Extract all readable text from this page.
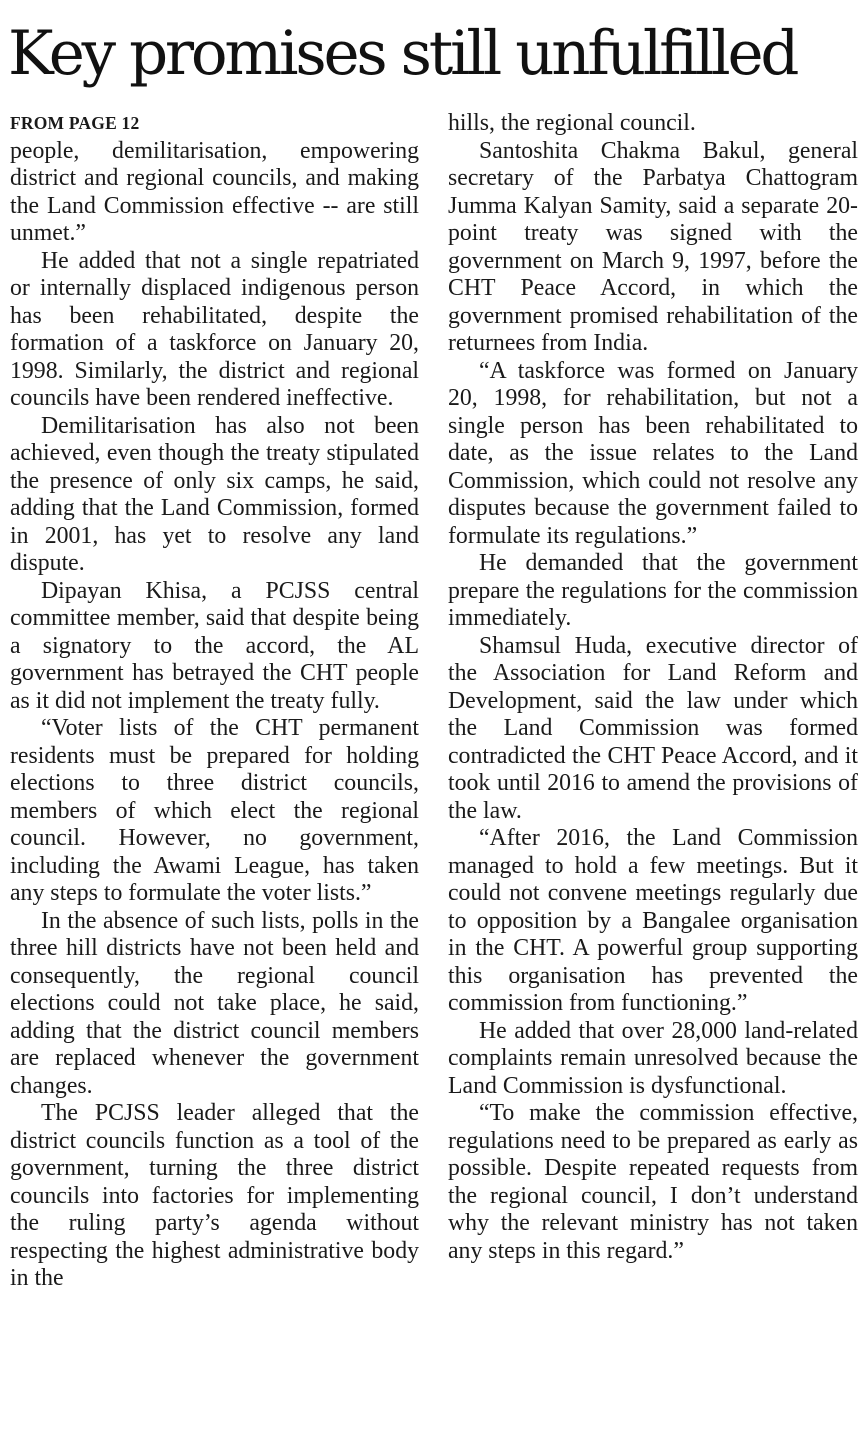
Key promises still unfulfilled
FROM PAGE 12

people, demilitarisation, empowering district and regional councils, and making the Land Commission effective -- are still unmet.”

He added that not a single repatriated or internally displaced indigenous person has been rehabilitated, despite the formation of a taskforce on January 20, 1998. Similarly, the district and regional councils have been rendered ineffective.

Demilitarisation has also not been achieved, even though the treaty stipulated the presence of only six camps, he said, adding that the Land Commission, formed in 2001, has yet to resolve any land dispute.

Dipayan Khisa, a PCJSS central committee member, said that despite being a signatory to the accord, the AL government has betrayed the CHT people as it did not implement the treaty fully.

“Voter lists of the CHT permanent residents must be prepared for holding elections to three district councils, members of which elect the regional council. However, no government, including the Awami League, has taken any steps to formulate the voter lists.”

In the absence of such lists, polls in the three hill districts have not been held and consequently, the regional council elections could not take place, he said, adding that the district council members are replaced whenever the government changes.

The PCJSS leader alleged that the district councils function as a tool of the government, turning the three district councils into factories for implementing the ruling party’s agenda without respecting the highest administrative body in the

hills, the regional council.

Santoshita Chakma Bakul, general secretary of the Parbatya Chattogram Jumma Kalyan Samity, said a separate 20-point treaty was signed with the government on March 9, 1997, before the CHT Peace Accord, in which the government promised rehabilitation of the returnees from India.

“A taskforce was formed on January 20, 1998, for rehabilitation, but not a single person has been rehabilitated to date, as the issue relates to the Land Commission, which could not resolve any disputes because the government failed to formulate its regulations.”

He demanded that the government prepare the regulations for the commission immediately.

Shamsul Huda, executive director of the Association for Land Reform and Development, said the law under which the Land Commission was formed contradicted the CHT Peace Accord, and it took until 2016 to amend the provisions of the law.

“After 2016, the Land Commission managed to hold a few meetings. But it could not convene meetings regularly due to opposition by a Bangalee organisation in the CHT. A powerful group supporting this organisation has prevented the commission from functioning.”

He added that over 28,000 land-related complaints remain unresolved because the Land Commission is dysfunctional.

“To make the commission effective, regulations need to be prepared as early as possible. Despite repeated requests from the regional council, I don’t understand why the relevant ministry has not taken any steps in this regard.”
